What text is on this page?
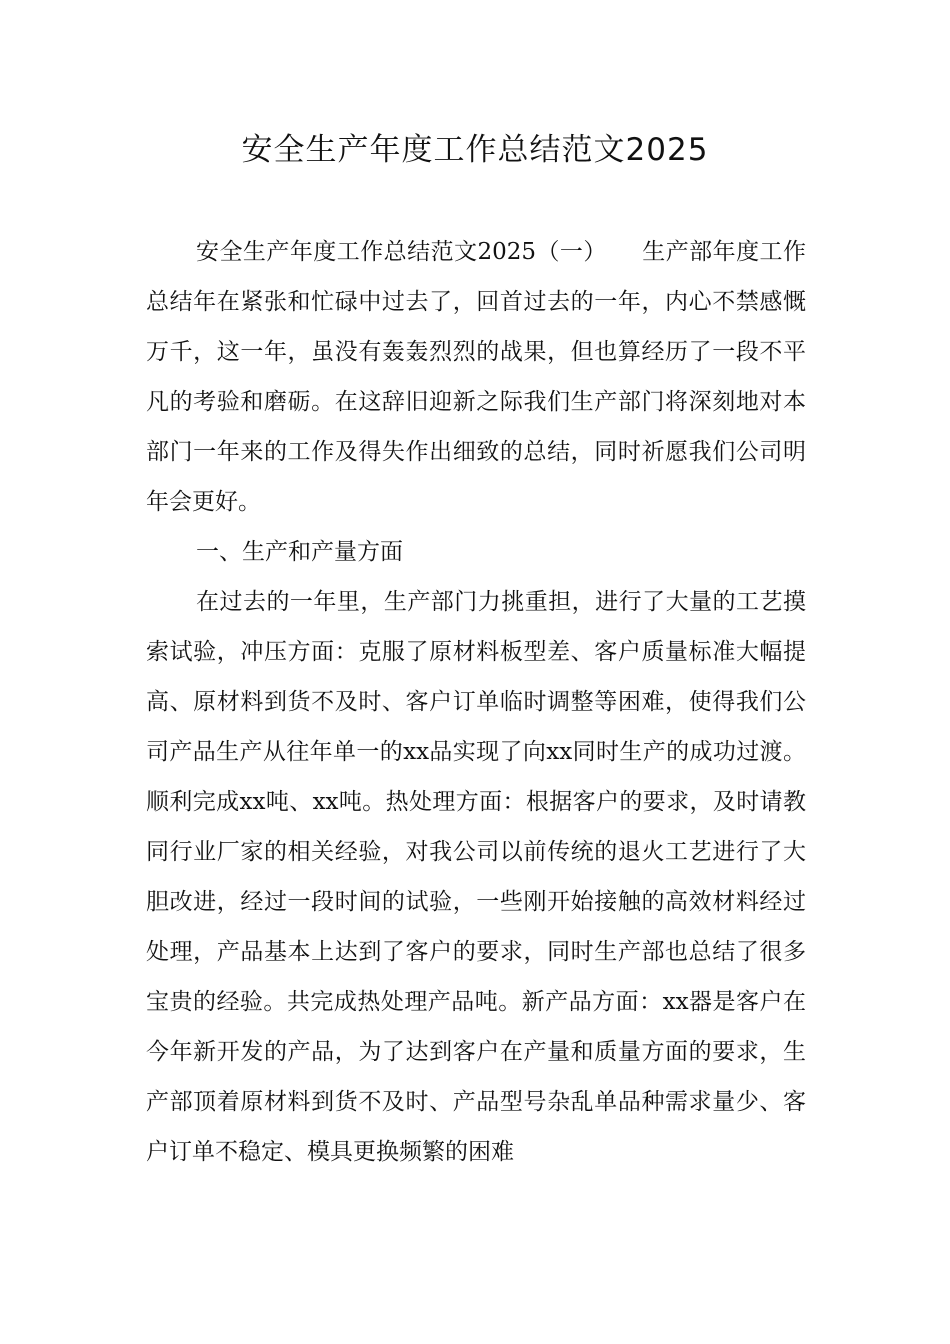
安全生产年度工作总结范文2025

安全生产年度工作总结范文2025（一）　　生产部年度工作总结年在紧张和忙碌中过去了，回首过去的一年，内心不禁感慨万千，这一年，虽没有轰轰烈烈的战果，但也算经历了一段不平凡的考验和磨砺。在这辞旧迎新之际我们生产部门将深刻地对本部门一年来的工作及得失作出细致的总结，同时祈愿我们公司明年会更好。

一、生产和产量方面

在过去的一年里，生产部门力挑重担，进行了大量的工艺摸索试验，冲压方面：克服了原材料板型差、客户质量标准大幅提高、原材料到货不及时、客户订单临时调整等困难，使得我们公司产品生产从往年单一的xx品实现了向xx同时生产的成功过渡。顺利完成xx吨、xx吨。热处理方面：根据客户的要求，及时请教同行业厂家的相关经验，对我公司以前传统的退火工艺进行了大胆改进，经过一段时间的试验，一些刚开始接触的高效材料经过处理，产品基本上达到了客户的要求，同时生产部也总结了很多宝贵的经验。共完成热处理产品吨。新产品方面：xx器是客户在今年新开发的产品，为了达到客户在产量和质量方面的要求，生产部顶着原材料到货不及时、产品型号杂乱单品种需求量少、客户订单不稳定、模具更换频繁的困难
